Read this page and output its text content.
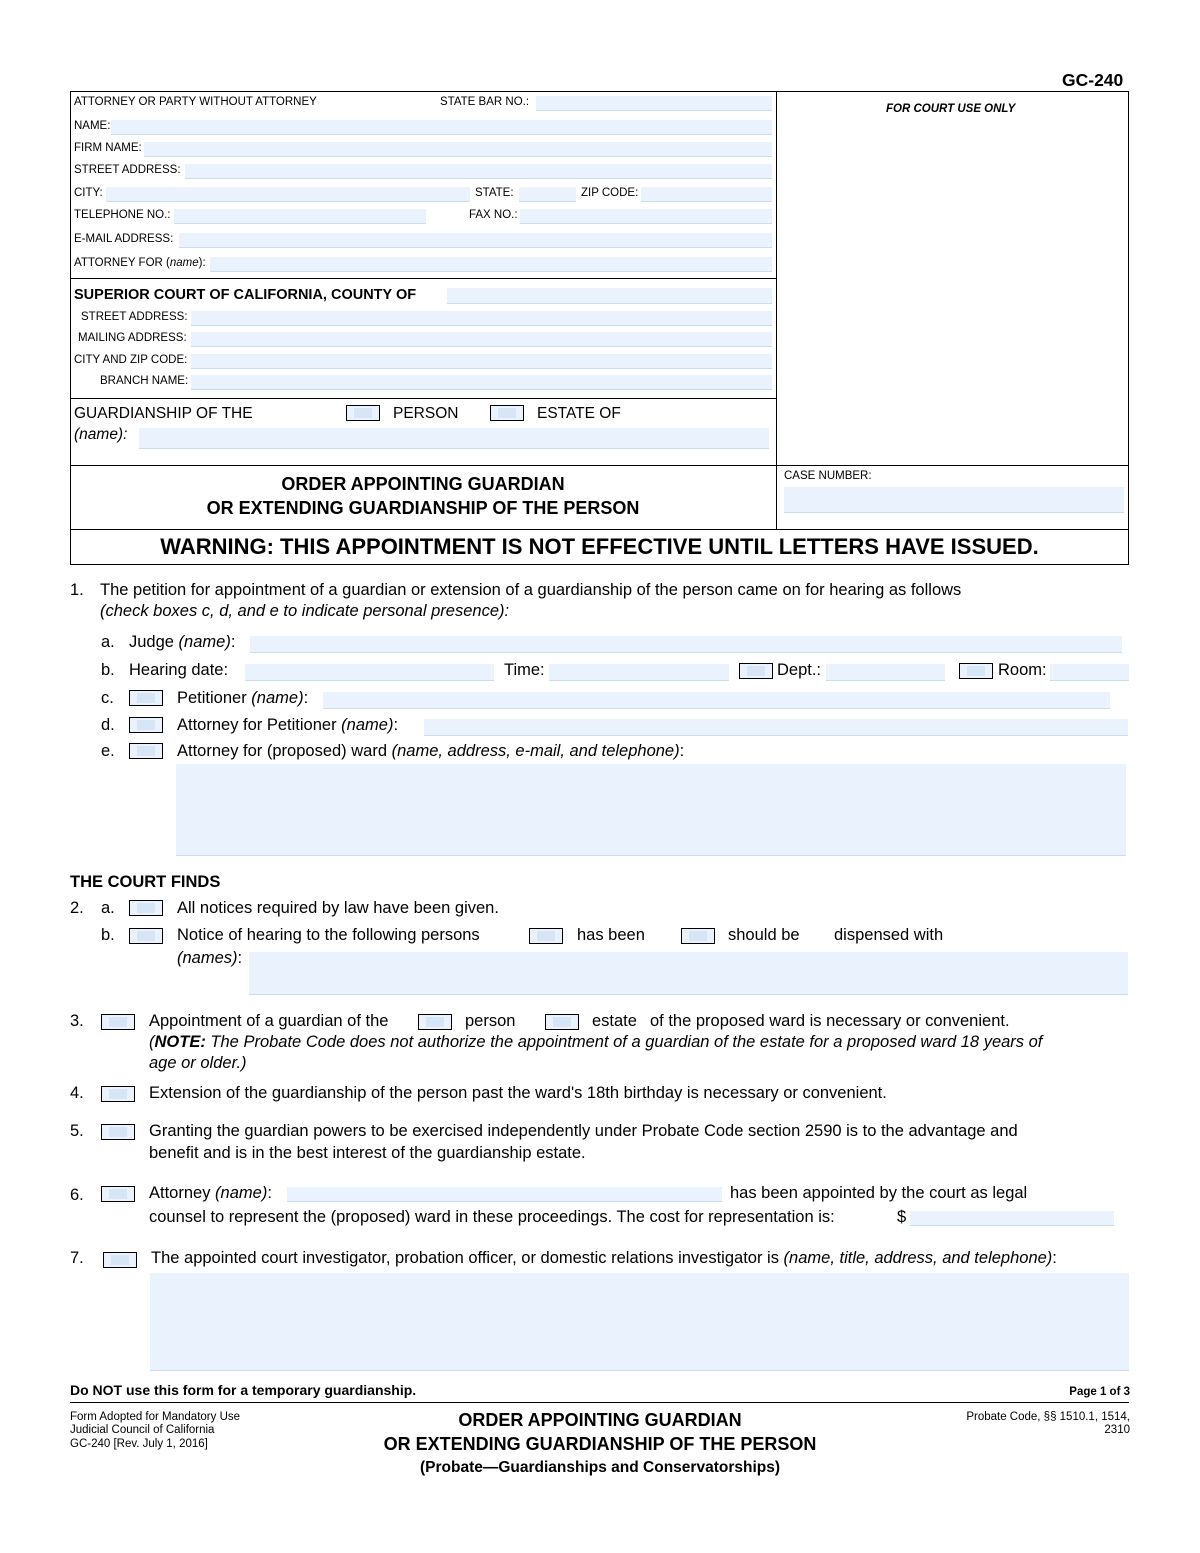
GC-240
ATTORNEY OR PARTY WITHOUT ATTORNEY	STATE BAR NO.:
NAME:
FIRM NAME:
STREET ADDRESS:
CITY:	STATE:	ZIP CODE:
TELEPHONE NO.:	FAX NO.:
E-MAIL ADDRESS:
ATTORNEY FOR (name):
FOR COURT USE ONLY
SUPERIOR COURT OF CALIFORNIA, COUNTY OF
STREET ADDRESS:
MAILING ADDRESS:
CITY AND ZIP CODE:
BRANCH NAME:
GUARDIANSHIP OF THE	PERSON	ESTATE OF
(name):
ORDER APPOINTING GUARDIAN
OR EXTENDING GUARDIANSHIP OF THE PERSON
CASE NUMBER:
WARNING: THIS APPOINTMENT IS NOT EFFECTIVE UNTIL LETTERS HAVE ISSUED.
1. The petition for appointment of a guardian or extension of a guardianship of the person came on for hearing as follows
(check boxes c, d, and e to indicate personal presence):
a. Judge (name):
b. Hearing date:	Time:	Dept.:	Room:
c.	Petitioner (name):
d.	Attorney for Petitioner (name):
e.	Attorney for (proposed) ward (name, address, e-mail, and telephone):
THE COURT FINDS
2. a.	All notices required by law have been given.
b.	Notice of hearing to the following persons	has been	should be dispensed with
(names):
3.	Appointment of a guardian of the	person	estate of the proposed ward is necessary or convenient.
(NOTE: The Probate Code does not authorize the appointment of a guardian of the estate for a proposed ward 18 years of
age or older.)
4.	Extension of the guardianship of the person past the ward's 18th birthday is necessary or convenient.
5.	Granting the guardian powers to be exercised independently under Probate Code section 2590 is to the advantage and
benefit and is in the best interest of the guardianship estate.
6.	Attorney (name):	has been appointed by the court as legal
counsel to represent the (proposed) ward in these proceedings. The cost for representation is:	$
7.	The appointed court investigator, probation officer, or domestic relations investigator is (name, title, address, and telephone):
Do NOT use this form for a temporary guardianship.	Page 1 of 3
Form Adopted for Mandatory Use
Judicial Council of California
GC-240 [Rev. July 1, 2016]
ORDER APPOINTING GUARDIAN
OR EXTENDING GUARDIANSHIP OF THE PERSON
(Probate—Guardianships and Conservatorships)
Probate Code, §§ 1510.1, 1514,
2310
